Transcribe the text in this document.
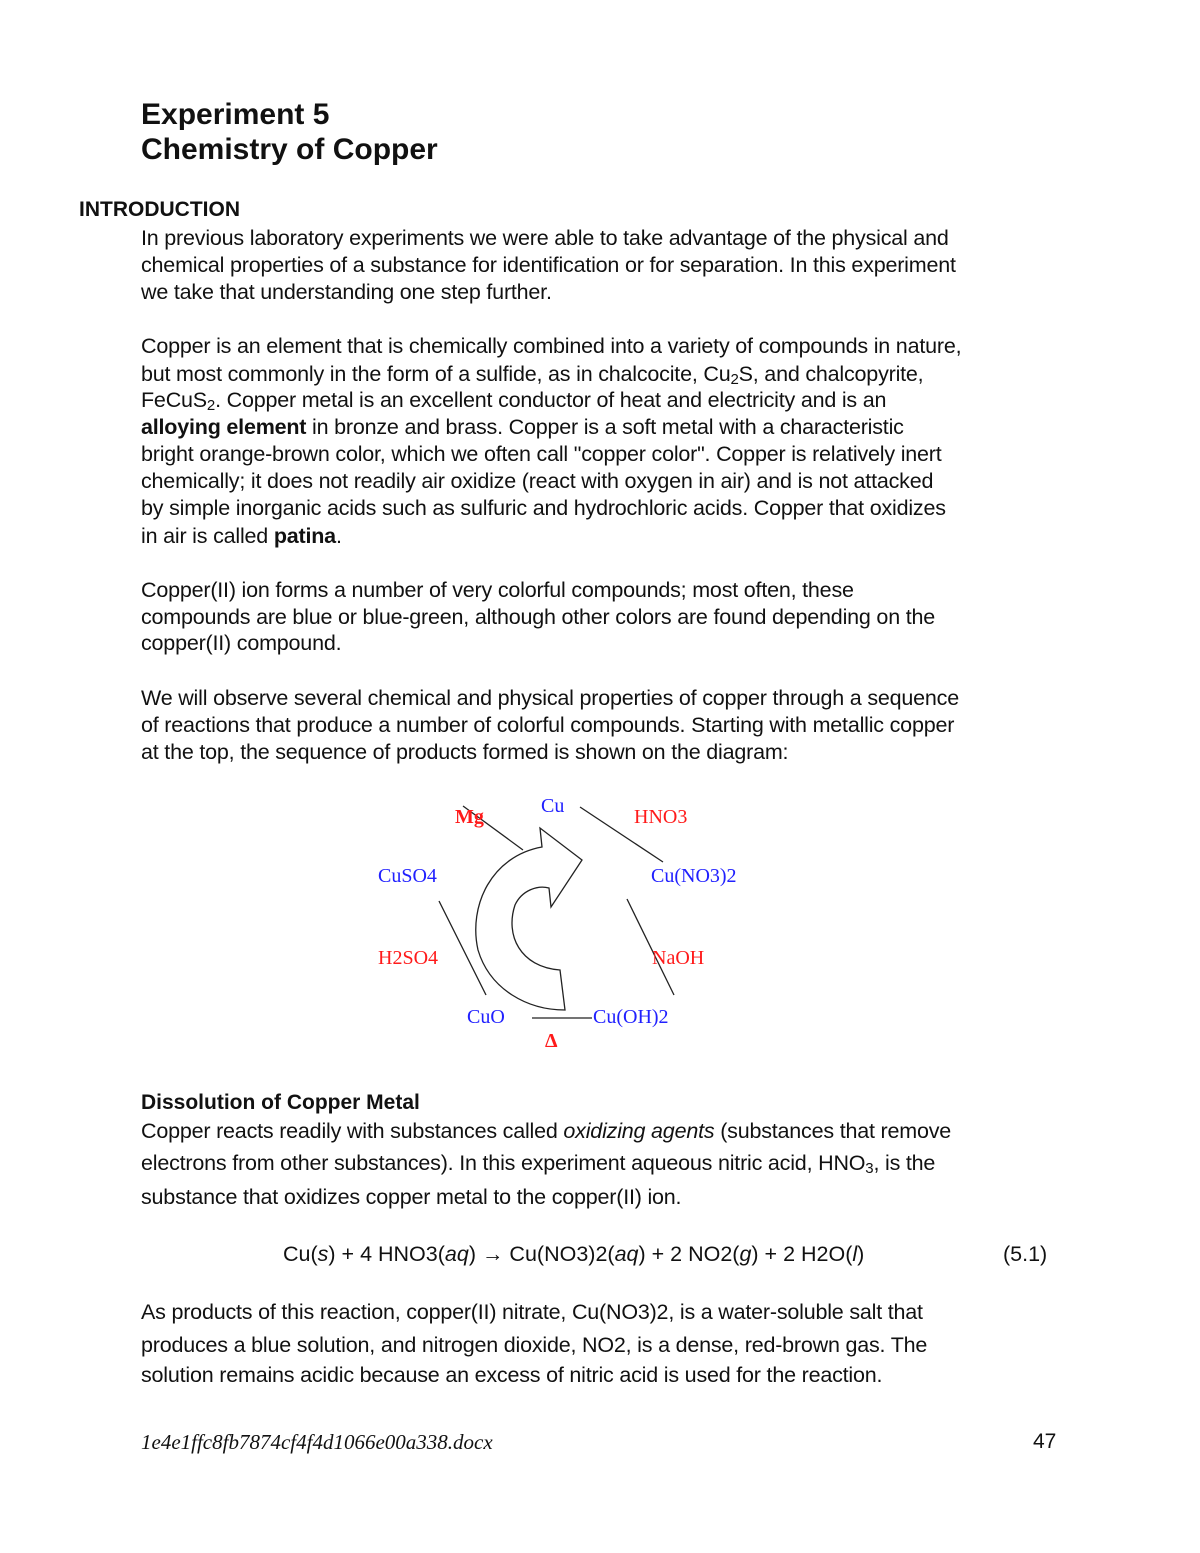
Experiment 5
Chemistry of Copper
INTRODUCTION
In previous laboratory experiments we were able to take advantage of the physical and
chemical properties of a substance for identification or for separation. In this experiment
we take that understanding one step further.
Copper is an element that is chemically combined into a variety of compounds in nature,
but most commonly in the form of a sulfide, as in chalcocite, $Cu_2S$, and chalcopyrite,
FeCuS$_2$. Copper metal is an excellent conductor of heat and electricity and is an
alloying element in bronze and brass. Copper is a soft metal with a characteristic
bright orange-brown color, which we often call "copper color". Copper is relatively inert
chemically; it does not readily air oxidize (react with oxygen in air) and is not attacked
by simple inorganic acids such as sulfuric and hydrochloric acids. Copper that oxidizes
in air is called patina.
Copper(II) ion forms a number of very colorful compounds; most often, these
compounds are blue or blue-green, although other colors are found depending on the
copper(II) compound.
We will observe several chemical and physical properties of copper through a sequence
of reactions that produce a number of colorful compounds. Starting with metallic copper
at the top, the sequence of products formed is shown on the diagram:
Cu
Cu(NO3)2
Cu(OH)2
CuO
CuSO4
HNO3
NaOH
Δ
H2SO4
Mg
Dissolution of Copper Metal
Copper reacts readily with substances called oxidizing agents (substances that remove
electrons from other substances). In this experiment aqueous nitric acid, $HNO_3$, is the
substance that oxidizes copper metal to the copper(II) ion.
Cu(s) + 4 HNO3(aq) → Cu(NO3)2(aq) + 2 NO2(g) + 2 H2O(l)	(5.1)
As products of this reaction, copper(II) nitrate, Cu(NO3)2, is a water-soluble salt that
produces a blue solution, and nitrogen dioxide, NO2, is a dense, red-brown gas. The
solution remains acidic because an excess of nitric acid is used for the reaction.
1e4e1ffc8fb7874cf4f4d1066e00a338.docx	47
